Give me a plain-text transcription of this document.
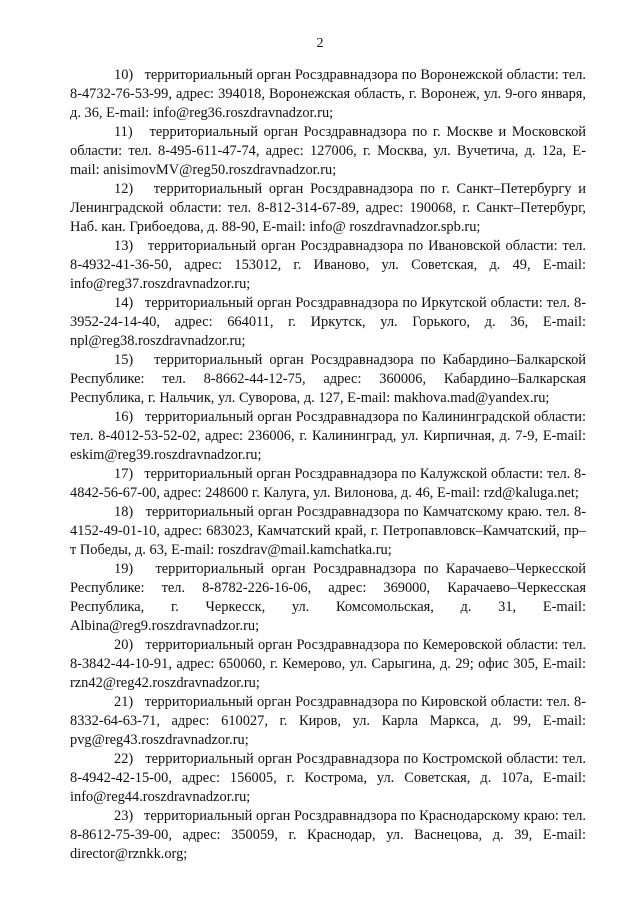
2

10)   территориальный орган Росздравнадзора по Воронежской области: тел. 8-4732-76-53-99, адрес: 394018, Воронежская область, г. Воронеж, ул. 9-ого января, д. 36, E-mail: info@reg36.roszdravnadzor.ru;

11)   территориальный орган Росздравнадзора по г. Москве и Московской области: тел. 8-495-611-47-74, адрес: 127006, г. Москва, ул. Вучетича, д. 12а, E-mail: anisimovMV@reg50.roszdravnadzor.ru;

12)   территориальный орган Росздравнадзора по г. Санкт–Петербургу и Ленинградской области: тел. 8-812-314-67-89, адрес: 190068, г. Санкт–Петербург, Наб. кан. Грибоедова, д. 88-90, E-mail: info@ roszdravnadzor.spb.ru;

13)   территориальный орган Росздравнадзора по Ивановской области: тел. 8-4932-41-36-50, адрес: 153012, г. Иваново, ул. Советская, д. 49, E-mail: info@reg37.roszdravnadzor.ru;

14)   территориальный орган Росздравнадзора по Иркутской области: тел. 8-3952-24-14-40, адрес: 664011, г. Иркутск, ул. Горького, д. 36, E-mail: npl@reg38.roszdravnadzor.ru;

15)   территориальный орган Росздравнадзора по Кабардино–Балкарской Республике: тел. 8-8662-44-12-75, адрес: 360006, Кабардино–Балкарская Республика, г. Нальчик, ул. Суворова, д. 127, E-mail: makhova.mad@yandex.ru;

16)   территориальный орган Росздравнадзора по Калининградской области: тел. 8-4012-53-52-02, адрес: 236006, г. Калининград, ул. Кирпичная, д. 7-9, E-mail: eskim@reg39.roszdravnadzor.ru;

17)   территориальный орган Росздравнадзора по Калужской области: тел. 8-4842-56-67-00, адрес: 248600 г. Калуга, ул. Вилонова, д. 46, E-mail: rzd@kaluga.net;

18)   территориальный орган Росздравнадзора по Камчатскому краю. тел. 8-4152-49-01-10, адрес: 683023, Камчатский край, г. Петропавловск–Камчатский, пр–т Победы, д. 63, E-mail: roszdrav@mail.kamchatka.ru;

19)   территориальный орган Росздравнадзора по Карачаево–Черкесской Республике: тел. 8-8782-226-16-06, адрес: 369000, Карачаево–Черкесская Республика, г. Черкесск, ул. Комсомольская, д. 31, E-mail: Albina@reg9.roszdravnadzor.ru;

20)   территориальный орган Росздравнадзора по Кемеровской области: тел. 8-3842-44-10-91, адрес: 650060, г. Кемерово, ул. Сарыгина, д. 29; офис 305, E-mail: rzn42@reg42.roszdravnadzor.ru;

21)   территориальный орган Росздравнадзора по Кировской области: тел. 8-8332-64-63-71, адрес: 610027, г. Киров, ул. Карла Маркса, д. 99, E-mail: pvg@reg43.roszdravnadzor.ru;

22)   территориальный орган Росздравнадзора по Костромской области: тел. 8-4942-42-15-00, адрес: 156005, г. Кострома, ул. Советская, д. 107а, E-mail: info@reg44.roszdravnadzor.ru;

23)   территориальный орган Росздравнадзора по Краснодарскому краю: тел. 8-8612-75-39-00, адрес: 350059, г. Краснодар, ул. Васнецова, д. 39, E-mail: director@rznkk.org;
